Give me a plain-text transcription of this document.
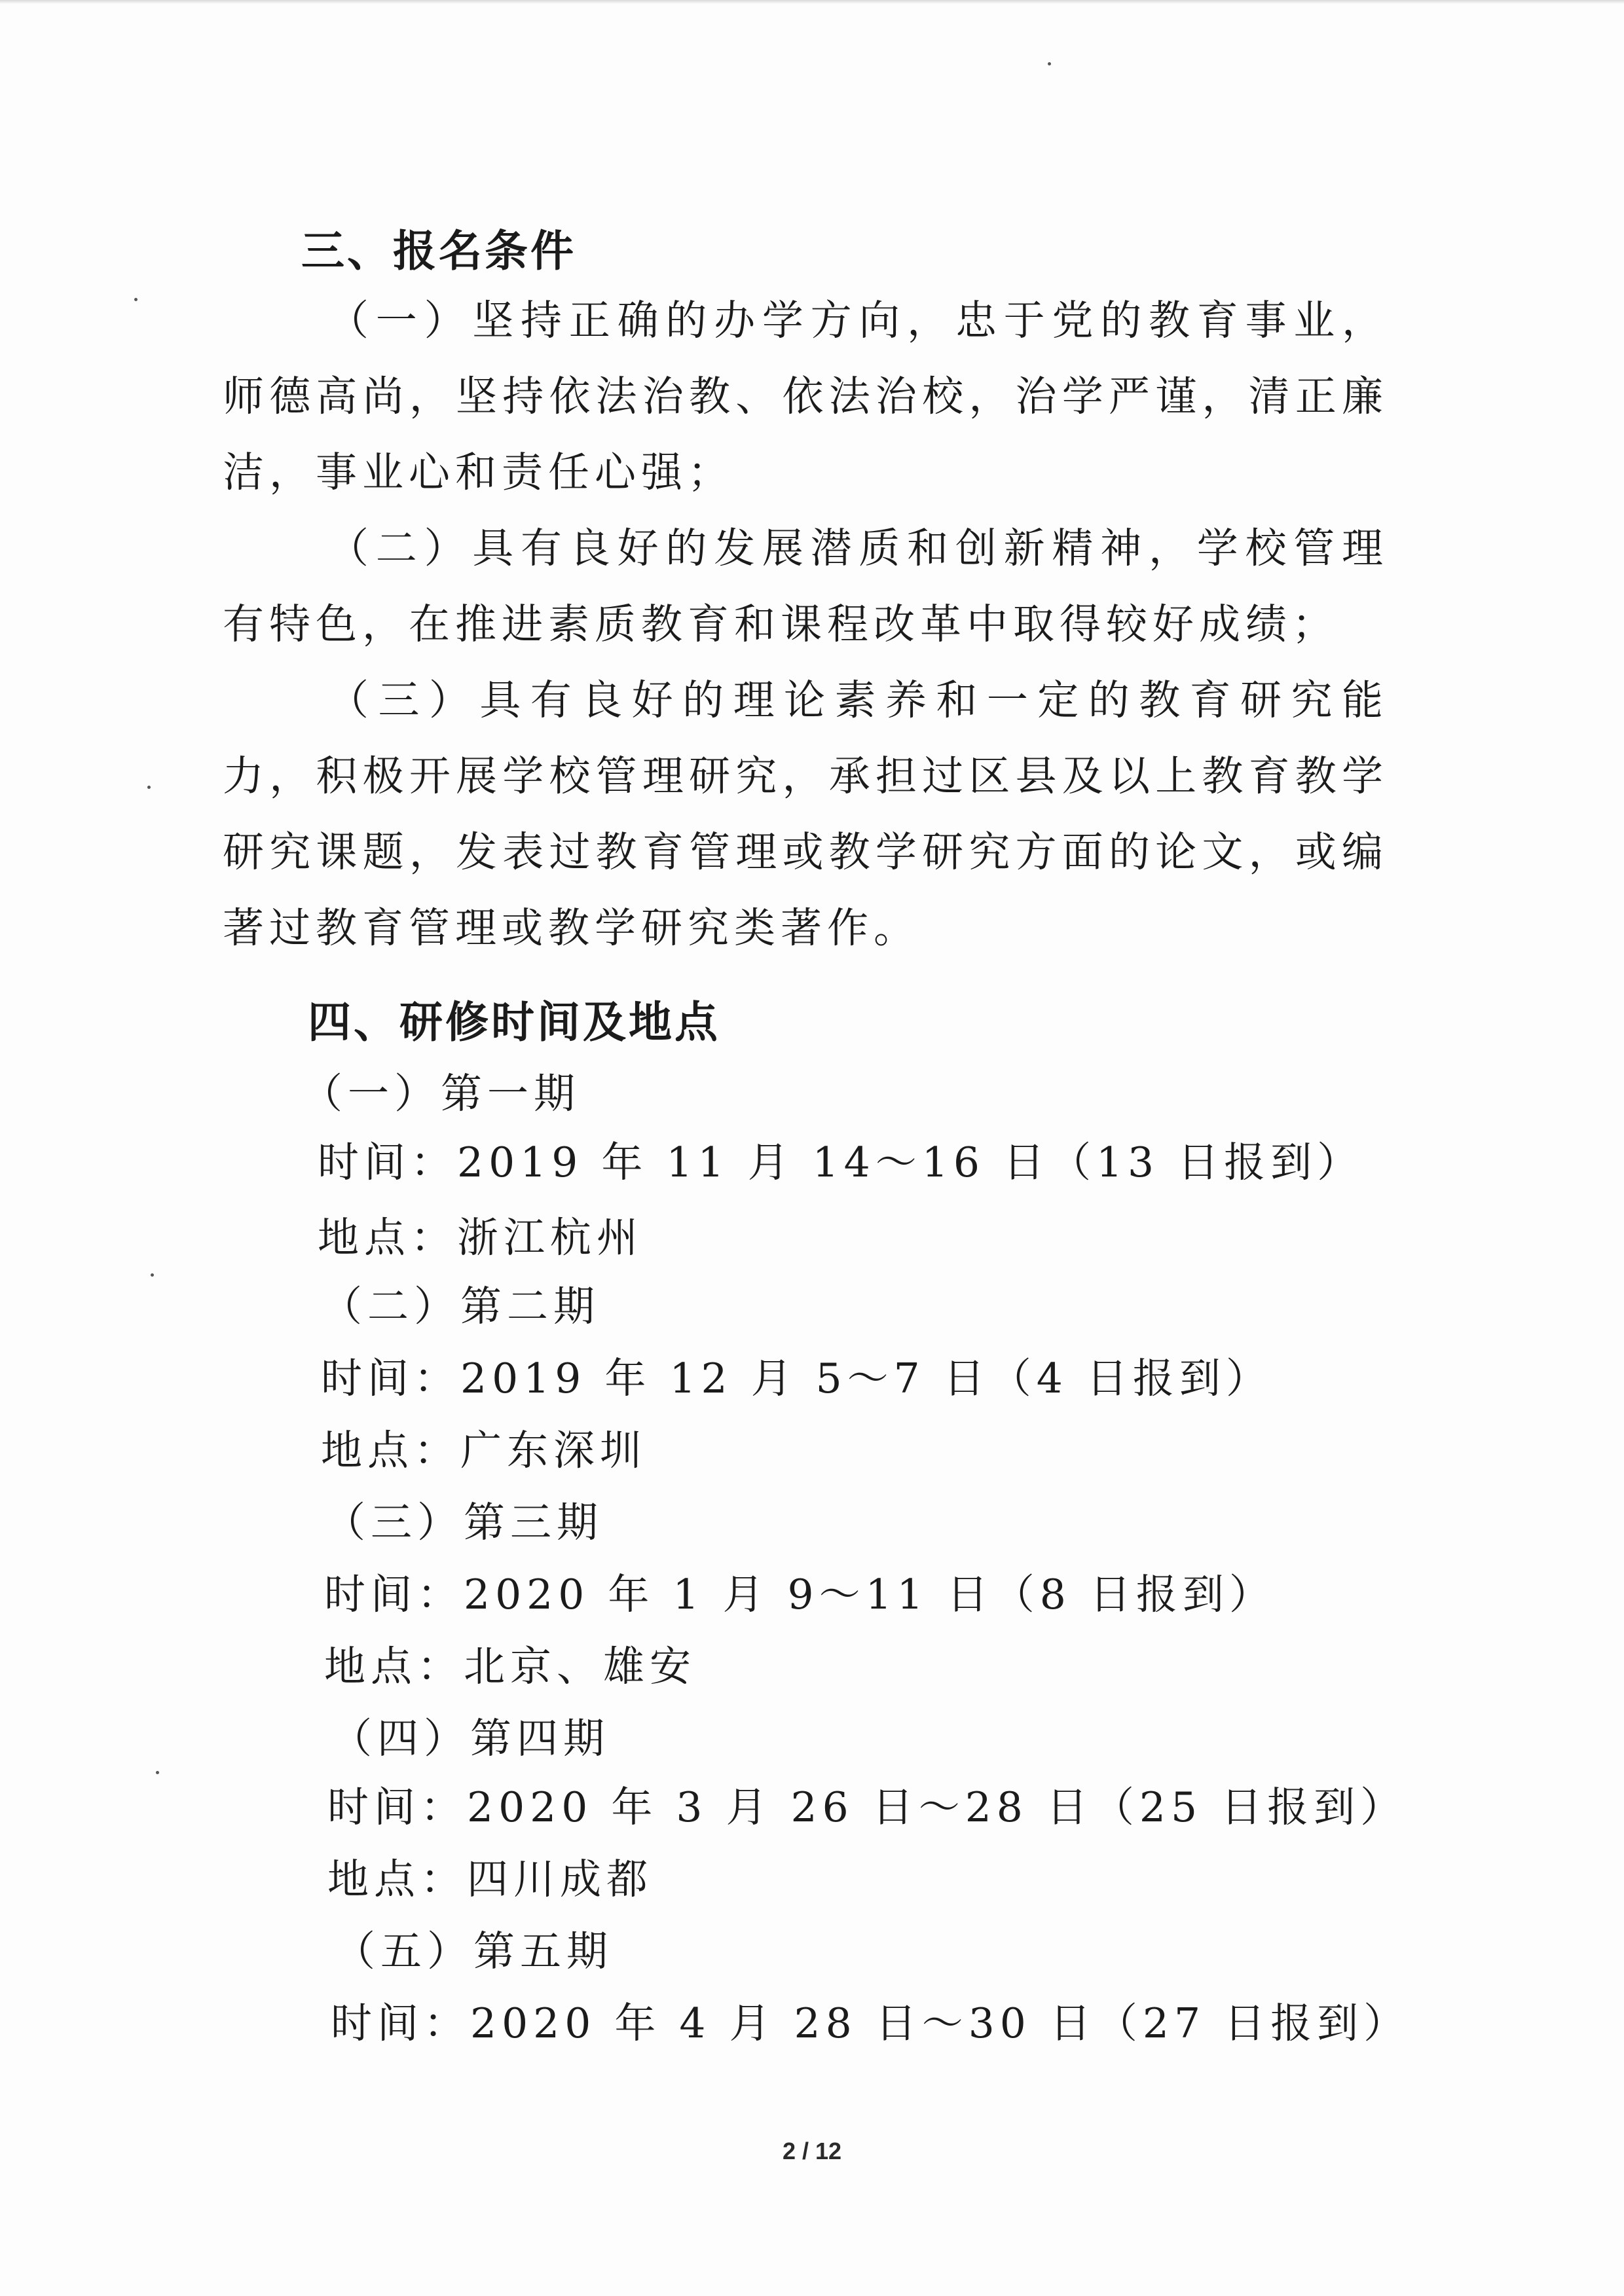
三、报名条件

（一）坚持正确的办学方向，忠于党的教育事业，师德高尚，坚持依法治教、依法治校，治学严谨，清正廉洁，事业心和责任心强；

（二）具有良好的发展潜质和创新精神，学校管理有特色，在推进素质教育和课程改革中取得较好成绩；

（三）具有良好的理论素养和一定的教育研究能力，积极开展学校管理研究，承担过区县及以上教育教学研究课题，发表过教育管理或教学研究方面的论文，或编著过教育管理或教学研究类著作。

四、研修时间及地点
（一）第一期
时间：2019 年 11 月 14～16 日（13 日报到）
地点：浙江杭州
（二）第二期
时间：2019 年 12 月 5～7 日（4 日报到）
地点：广东深圳
（三）第三期
时间：2020 年 1 月 9～11 日（8 日报到）
地点：北京、雄安
（四）第四期
时间：2020 年 3 月 26 日～28 日（25 日报到）
地点：四川成都
（五）第五期
时间：2020 年 4 月 28 日～30 日（27 日报到）
2 / 12
